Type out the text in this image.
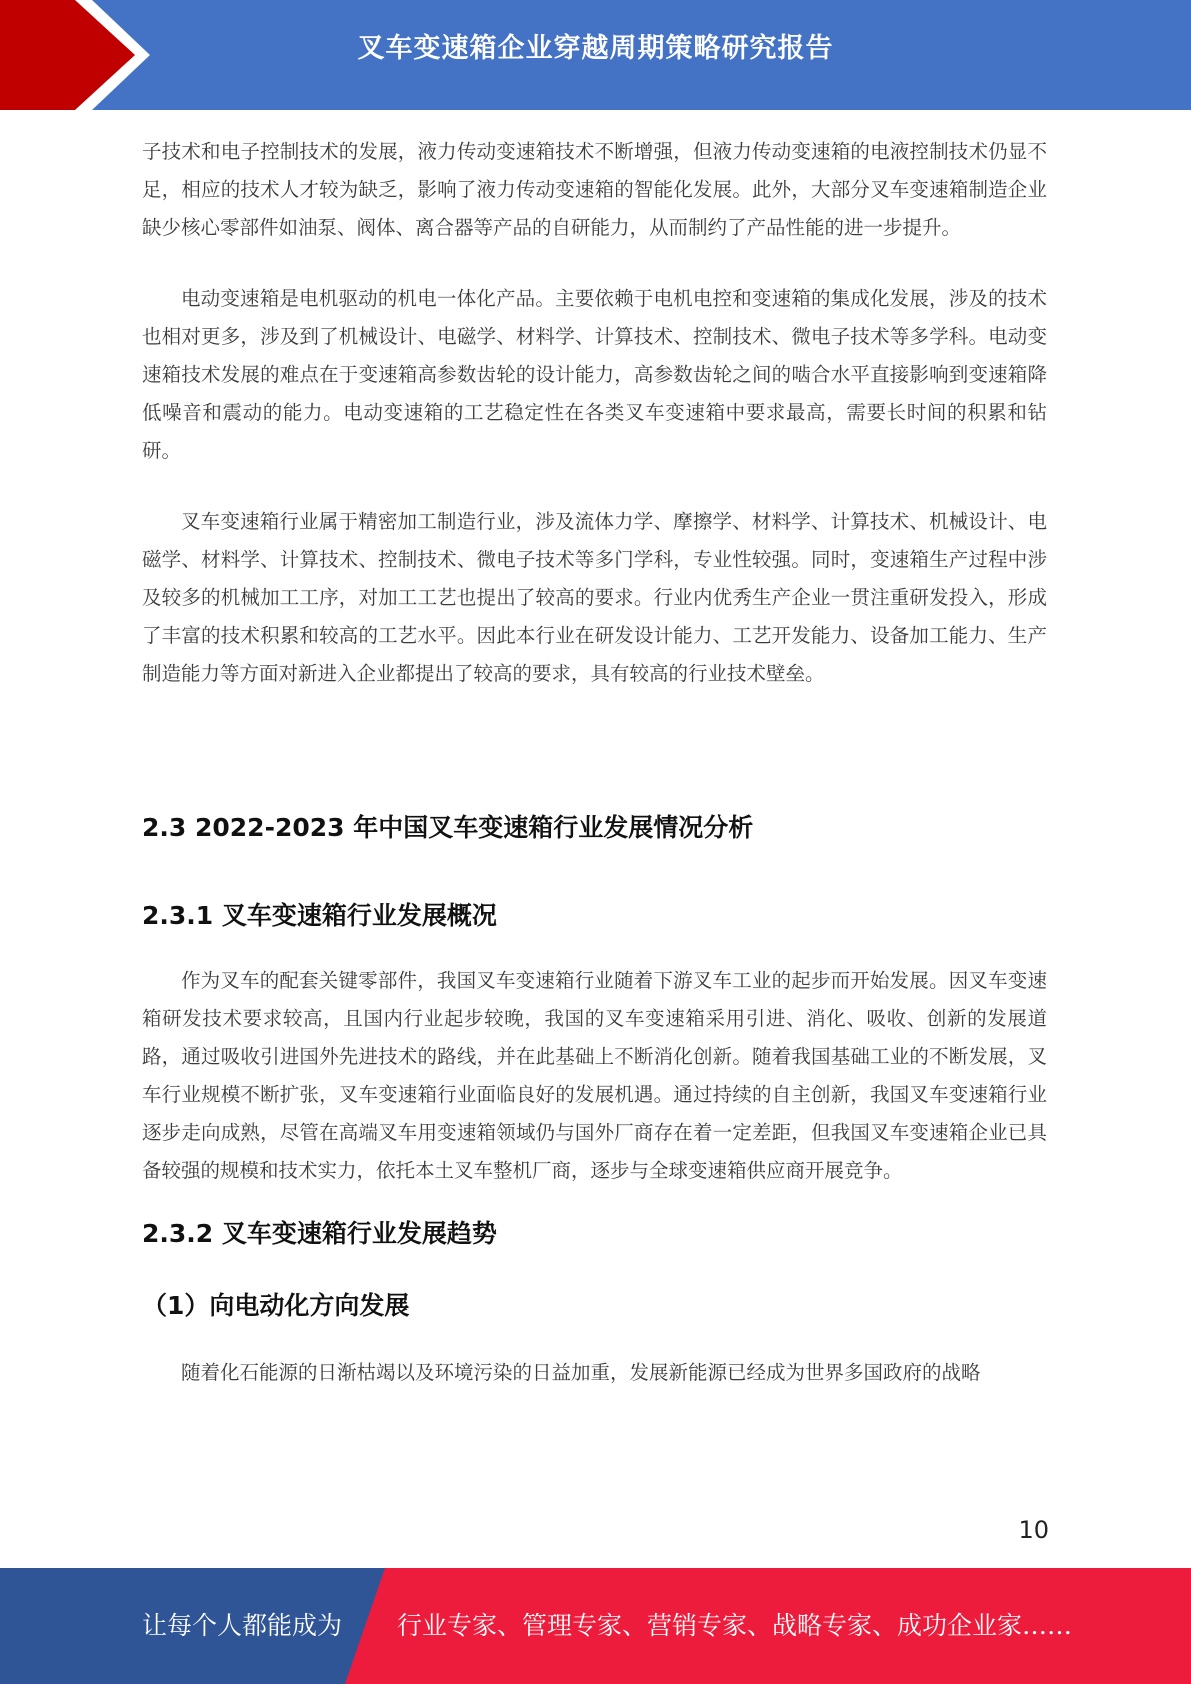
叉车变速箱企业穿越周期策略研究报告

子技术和电子控制技术的发展，液力传动变速箱技术不断增强，但液力传动变速箱的电液控制技术仍显不足，相应的技术人才较为缺乏，影响了液力传动变速箱的智能化发展。此外，大部分叉车变速箱制造企业缺少核心零部件如油泵、阀体、离合器等产品的自研能力，从而制约了产品性能的进一步提升。

电动变速箱是电机驱动的机电一体化产品。主要依赖于电机电控和变速箱的集成化发展，涉及的技术也相对更多，涉及到了机械设计、电磁学、材料学、计算技术、控制技术、微电子技术等多学科。电动变速箱技术发展的难点在于变速箱高参数齿轮的设计能力，高参数齿轮之间的啮合水平直接影响到变速箱降低噪音和震动的能力。电动变速箱的工艺稳定性在各类叉车变速箱中要求最高，需要长时间的积累和钻研。

叉车变速箱行业属于精密加工制造行业，涉及流体力学、摩擦学、材料学、计算技术、机械设计、电磁学、材料学、计算技术、控制技术、微电子技术等多门学科，专业性较强。同时，变速箱生产过程中涉及较多的机械加工工序，对加工工艺也提出了较高的要求。行业内优秀生产企业一贯注重研发投入，形成了丰富的技术积累和较高的工艺水平。因此本行业在研发设计能力、工艺开发能力、设备加工能力、生产制造能力等方面对新进入企业都提出了较高的要求，具有较高的行业技术壁垒。

2.3 2022-2023 年中国叉车变速箱行业发展情况分析
2.3.1 叉车变速箱行业发展概况

作为叉车的配套关键零部件，我国叉车变速箱行业随着下游叉车工业的起步而开始发展。因叉车变速箱研发技术要求较高，且国内行业起步较晚，我国的叉车变速箱采用引进、消化、吸收、创新的发展道路，通过吸收引进国外先进技术的路线，并在此基础上不断消化创新。随着我国基础工业的不断发展，叉车行业规模不断扩张，叉车变速箱行业面临良好的发展机遇。通过持续的自主创新，我国叉车变速箱行业逐步走向成熟，尽管在高端叉车用变速箱领域仍与国外厂商存在着一定差距，但我国叉车变速箱企业已具备较强的规模和技术实力，依托本土叉车整机厂商，逐步与全球变速箱供应商开展竞争。

2.3.2 叉车变速箱行业发展趋势
（1）向电动化方向发展

随着化石能源的日渐枯竭以及环境污染的日益加重，发展新能源已经成为世界多国政府的战略

10
让每个人都能成为 行业专家、管理专家、营销专家、战略专家、成功企业家……
